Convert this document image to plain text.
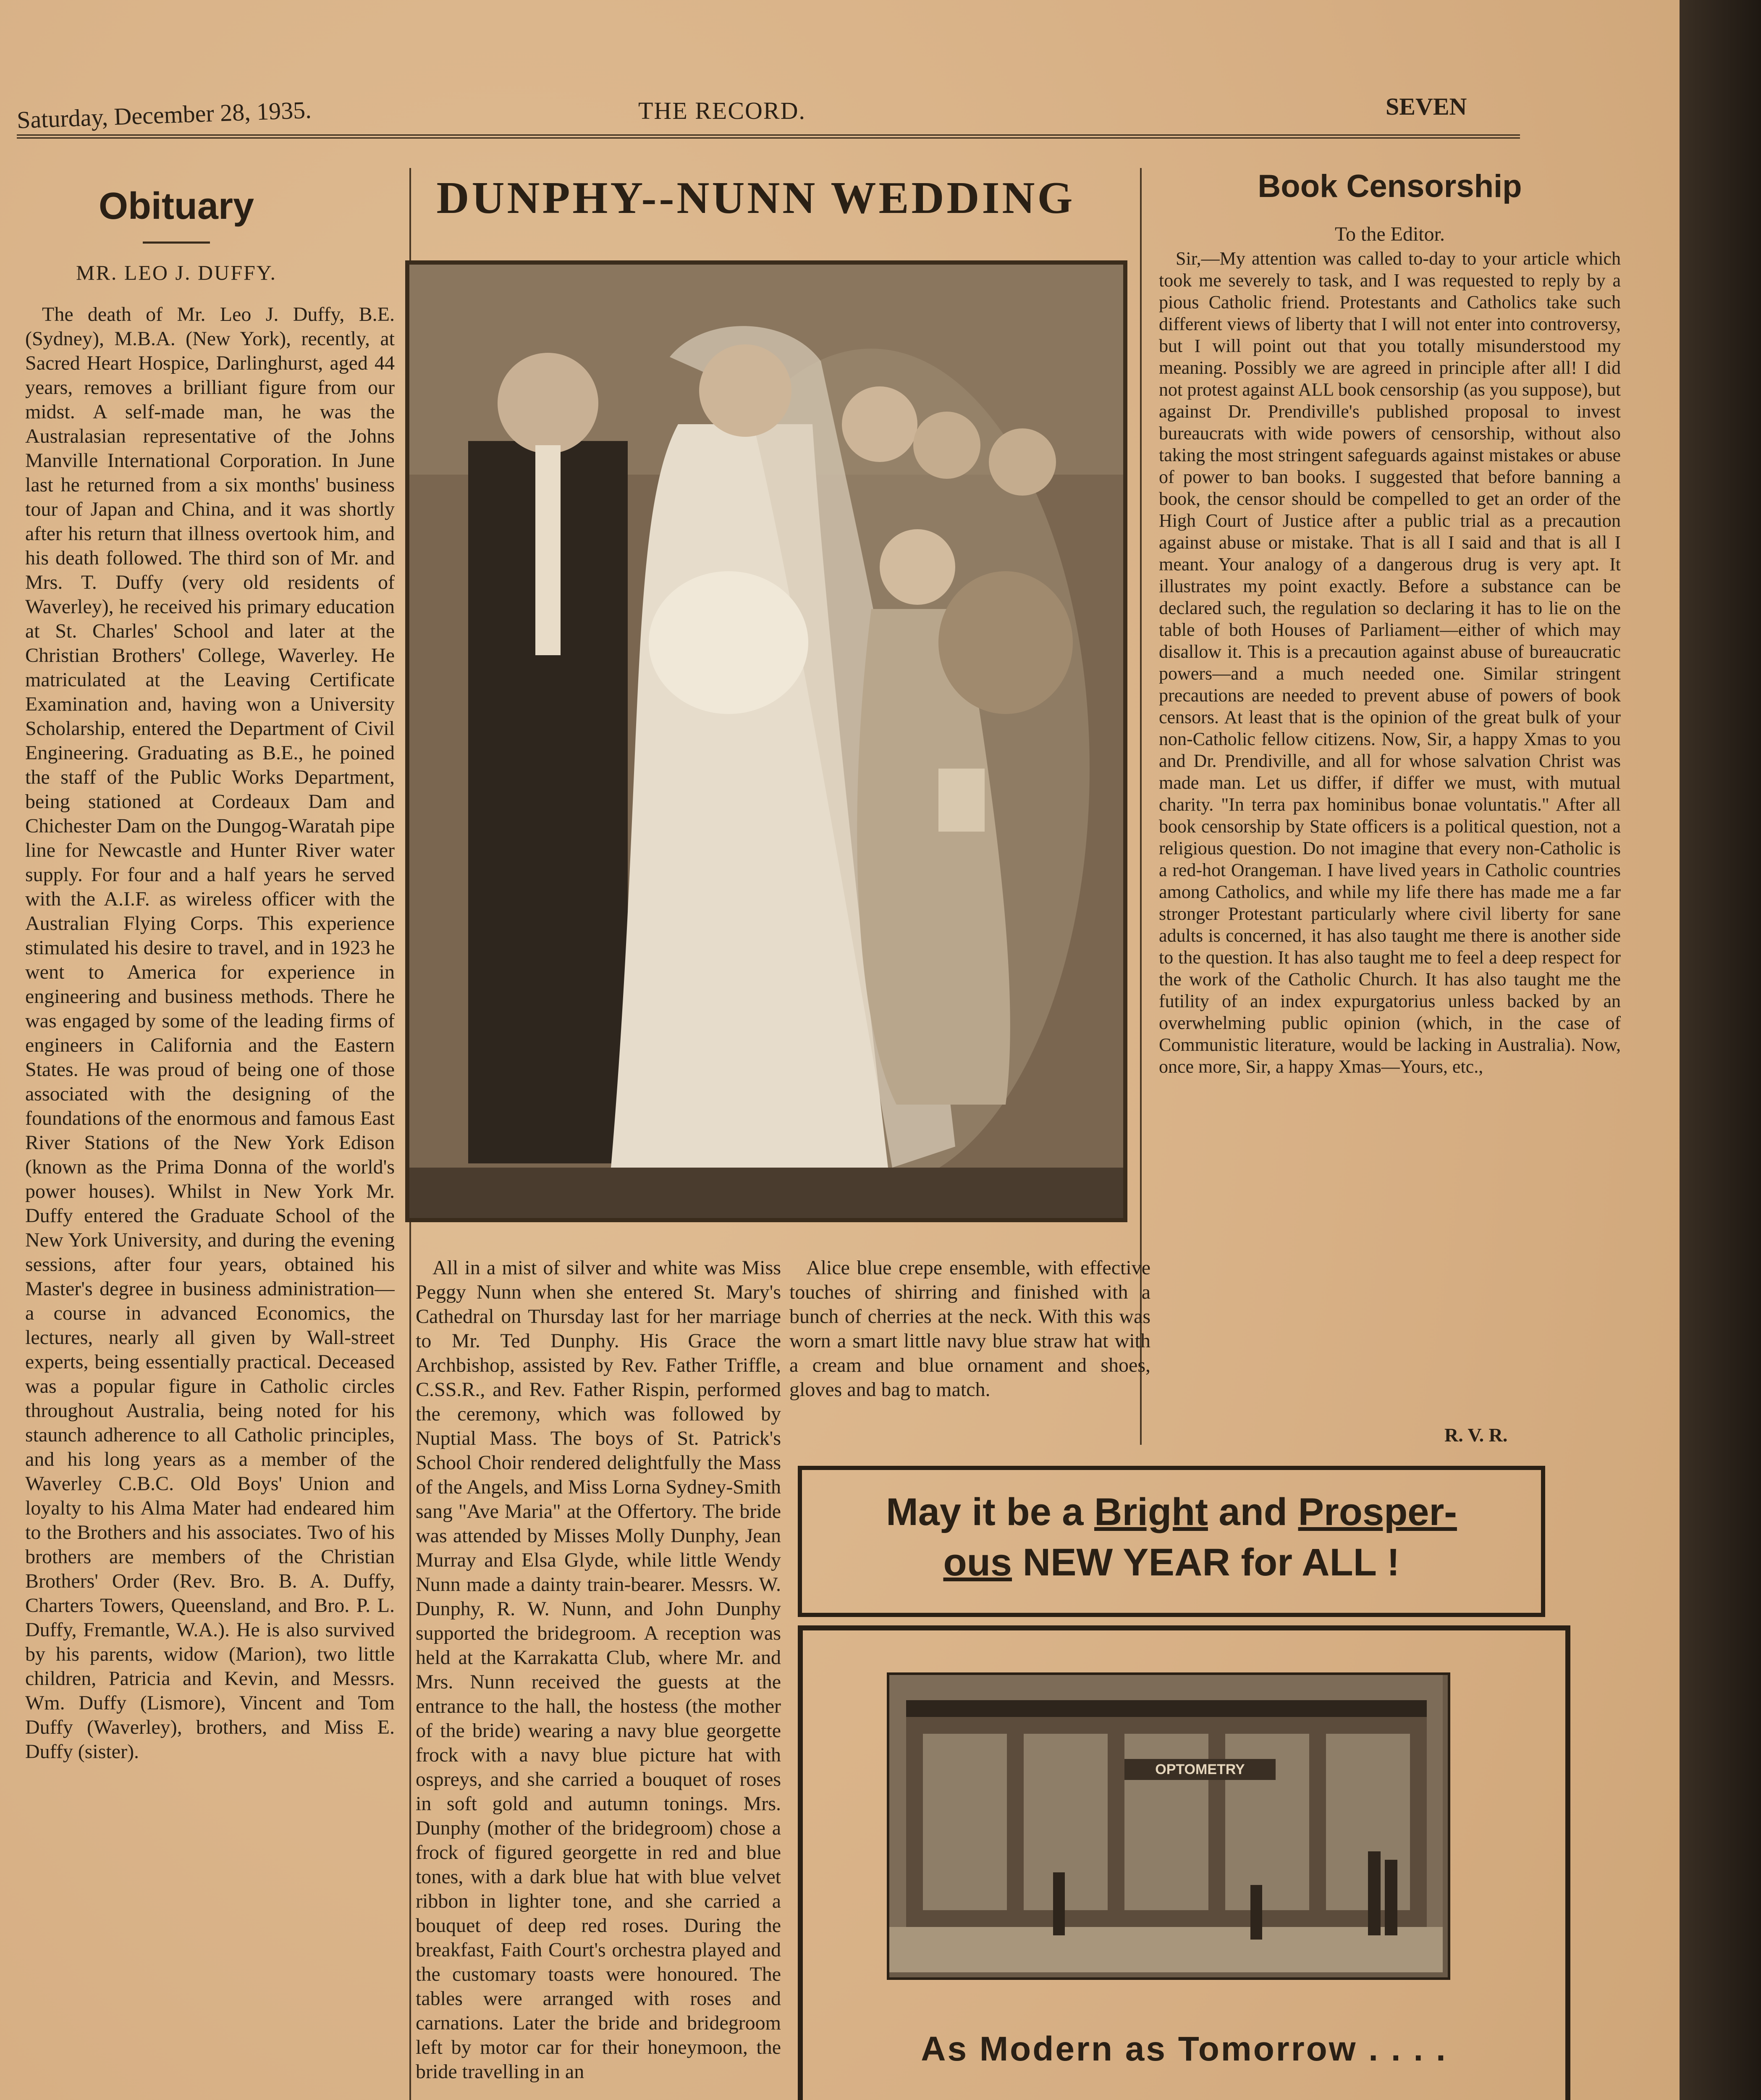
Saturday, December 28, 1935.	THE RECORD.	SEVEN
Obituary
MR. LEO J. DUFFY.

The death of Mr. Leo J. Duffy, B.E. (Sydney), M.B.A. (New York), recently, at Sacred Heart Hospice, Darlinghurst, aged 44 years, removes a brilliant figure from our midst. A self-made man, he was the Australasian representative of the Johns Manville International Corporation. In June last he returned from a six months' business tour of Japan and China, and it was shortly after his return that illness overtook him, and his death followed. The third son of Mr. and Mrs. T. Duffy (very old residents of Waverley), he received his primary education at St. Charles' School and later at the Christian Brothers' College, Waverley. He matriculated at the Leaving Certificate Examination and, having won a University Scholarship, entered the Department of Civil Engineering. Graduating as B.E., he poined the staff of the Public Works Department, being stationed at Cordeaux Dam and Chichester Dam on the Dungog-Waratah pipe line for Newcastle and Hunter River water supply. For four and a half years he served with the A.I.F. as wireless officer with the Australian Flying Corps. This experience stimulated his desire to travel, and in 1923 he went to America for experience in engineering and business methods. There he was engaged by some of the leading firms of engineers in California and the Eastern States. He was proud of being one of those associated with the designing of the foundations of the enormous and famous East River Stations of the New York Edison (known as the Prima Donna of the world's power houses). Whilst in New York Mr. Duffy entered the Graduate School of the New York University, and during the evening sessions, after four years, obtained his Master's degree in business administration—a course in advanced Economics, the lectures, nearly all given by Wall-street experts, being essentially practical. Deceased was a popular figure in Catholic circles throughout Australia, being noted for his staunch adherence to all Catholic principles, and his long years as a member of the Waverley C.B.C. Old Boys' Union and loyalty to his Alma Mater had endeared him to the Brothers and his associates. Two of his brothers are members of the Christian Brothers' Order (Rev. Bro. B. A. Duffy, Charters Towers, Queensland, and Bro. P. L. Duffy, Fremantle, W.A.). He is also survived by his parents, widow (Marion), two little children, Patricia and Kevin, and Messrs. Wm. Duffy (Lismore), Vincent and Tom Duffy (Waverley), brothers, and Miss E. Duffy (sister).

DUNPHY--NUNN WEDDING

All in a mist of silver and white was Miss Peggy Nunn when she entered St. Mary's Cathedral on Thursday last for her marriage to Mr. Ted Dunphy. His Grace the Archbishop, assisted by Rev. Father Triffle, C.SS.R., and Rev. Father Rispin, performed the ceremony, which was followed by Nuptial Mass. The boys of St. Patrick's School Choir rendered delightfully the Mass of the Angels, and Miss Lorna Sydney-Smith sang "Ave Maria" at the Offertory. The bride was attended by Misses Molly Dunphy, Jean Murray and Elsa Glyde, while little Wendy Nunn made a dainty train-bearer. Messrs. W. Dunphy, R. W. Nunn, and John Dunphy supported the bridegroom. A reception was held at the Karrakatta Club, where Mr. and Mrs. Nunn received the guests at the entrance to the hall, the hostess (the mother of the bride) wearing a navy blue georgette frock with a navy blue picture hat with ospreys, and she carried a bouquet of roses in soft gold and autumn tonings. Mrs. Dunphy (mother of the bridegroom) chose a frock of figured georgette in red and blue tones, with a dark blue hat with blue velvet ribbon in lighter tone, and she carried a bouquet of deep red roses. During the breakfast, Faith Court's orchestra played and the customary toasts were honoured. The tables were arranged with roses and carnations. Later the bride and bridegroom left by motor car for their honeymoon, the bride travelling in an

Alice blue crepe ensemble, with effective touches of shirring and finished with a bunch of cherries at the neck. With this was worn a smart little navy blue straw hat with a cream and blue ornament and shoes, gloves and bag to match.

Book Censorship
To the Editor.

Sir,—My attention was called to-day to your article which took me severely to task, and I was requested to reply by a pious Catholic friend. Protestants and Catholics take such different views of liberty that I will not enter into controversy, but I will point out that you totally misunderstood my meaning. Possibly we are agreed in principle after all! I did not protest against ALL book censorship (as you suppose), but against Dr. Prendiville's published proposal to invest bureaucrats with wide powers of censorship, without also taking the most stringent safeguards against mistakes or abuse of power to ban books. I suggested that before banning a book, the censor should be compelled to get an order of the High Court of Justice after a public trial as a precaution against abuse or mistake. That is all I said and that is all I meant. Your analogy of a dangerous drug is very apt. It illustrates my point exactly. Before a substance can be declared such, the regulation so declaring it has to lie on the table of both Houses of Parliament—either of which may disallow it. This is a precaution against abuse of bureaucratic powers—and a much needed one. Similar stringent precautions are needed to prevent abuse of powers of book censors. At least that is the opinion of the great bulk of your non-Catholic fellow citizens. Now, Sir, a happy Xmas to you and Dr. Prendiville, and all for whose salvation Christ was made man. Let us differ, if differ we must, with mutual charity. "In terra pax hominibus bonae voluntatis." After all book censorship by State officers is a political question, not a religious question. Do not imagine that every non-Catholic is a red-hot Orangeman. I have lived years in Catholic countries among Catholics, and while my life there has made me a far stronger Protestant particularly where civil liberty for sane adults is concerned, it has also taught me there is another side to the question. It has also taught me to feel a deep respect for the work of the Catholic Church. It has also taught me the futility of an index expurgatorius unless backed by an overwhelming public opinion (which, in the case of Communistic literature, would be lacking in Australia). Now, once more, Sir, a happy Xmas—Yours, etc.,

R. V. R.
May it be a Bright and Prosper-
ous NEW YEAR for ALL !
OPTOMETRY
As Modern as Tomorrow . . . .
